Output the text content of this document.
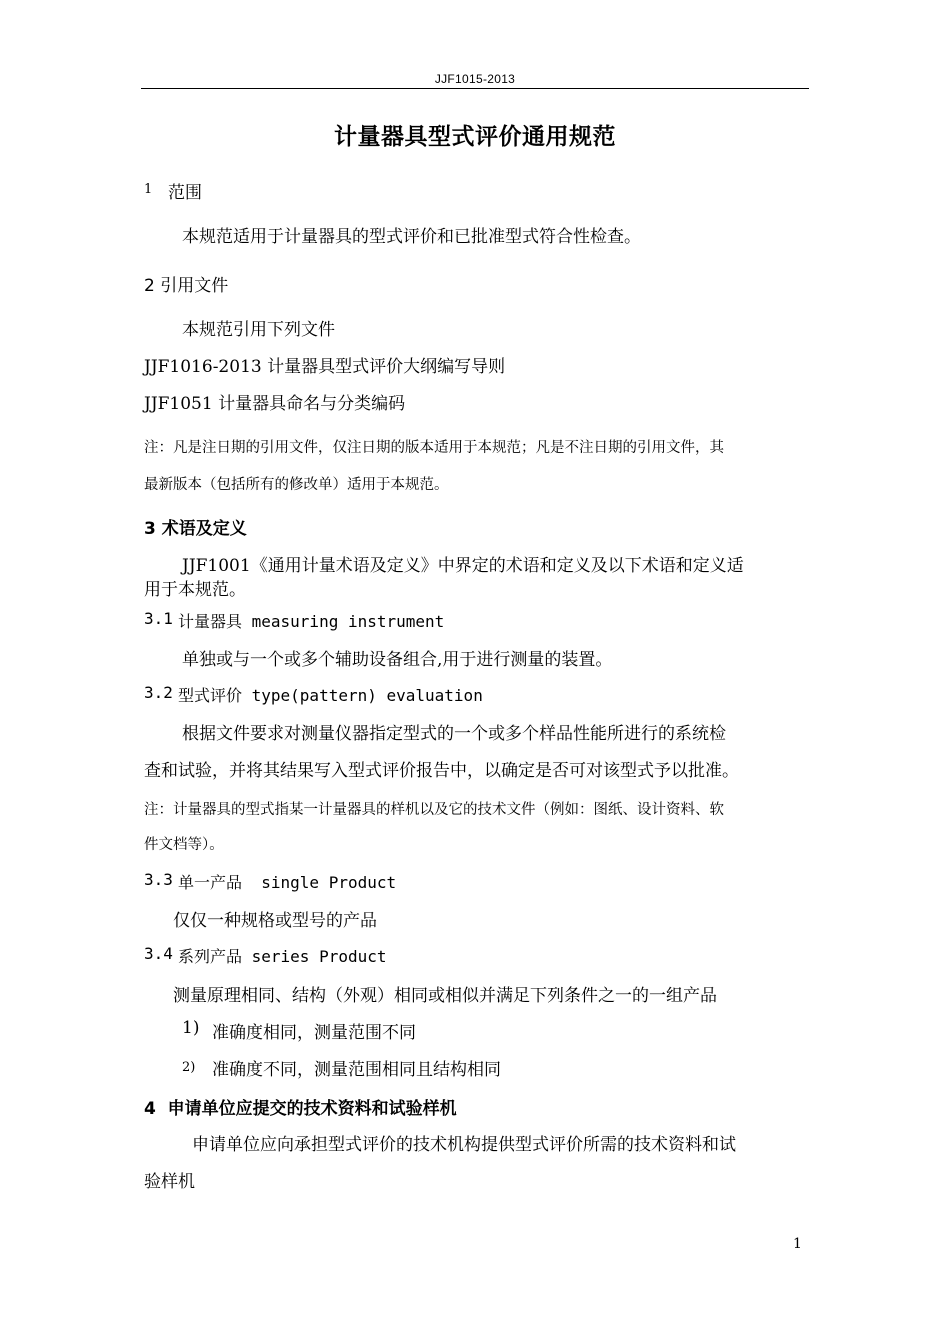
JJF1015-2013
计量器具型式评价通用规范
1 范围
本规范适用于计量器具的型式评价和已批准型式符合性检查。
2 引用文件
本规范引用下列文件
JJF1016-2013 计量器具型式评价大纲编写导则
JJF1051 计量器具命名与分类编码
注：凡是注日期的引用文件，仅注日期的版本适用于本规范；凡是不注日期的引用文件，其
最新版本（包括所有的修改单）适用于本规范。
3 术语及定义
JJF1001《通用计量术语及定义》中界定的术语和定义及以下术语和定义适
用于本规范。
3.1 计量器具 measuring instrument
单独或与一个或多个辅助设备组合,用于进行测量的装置。
3.2 型式评价 type(pattern) evaluation
根据文件要求对测量仪器指定型式的一个或多个样品性能所进行的系统检
查和试验，并将其结果写入型式评价报告中，以确定是否可对该型式予以批准。
注：计量器具的型式指某一计量器具的样机以及它的技术文件（例如：图纸、设计资料、软
件文档等）。
3.3 单一产品  single Product
仅仅一种规格或型号的产品
3.4 系列产品 series Product
测量原理相同、结构（外观）相同或相似并满足下列条件之一的一组产品
1) 准确度相同，测量范围不同
2) 准确度不同，测量范围相同且结构相同
4  申请单位应提交的技术资料和试验样机
申请单位应向承担型式评价的技术机构提供型式评价所需的技术资料和试
验样机
1
